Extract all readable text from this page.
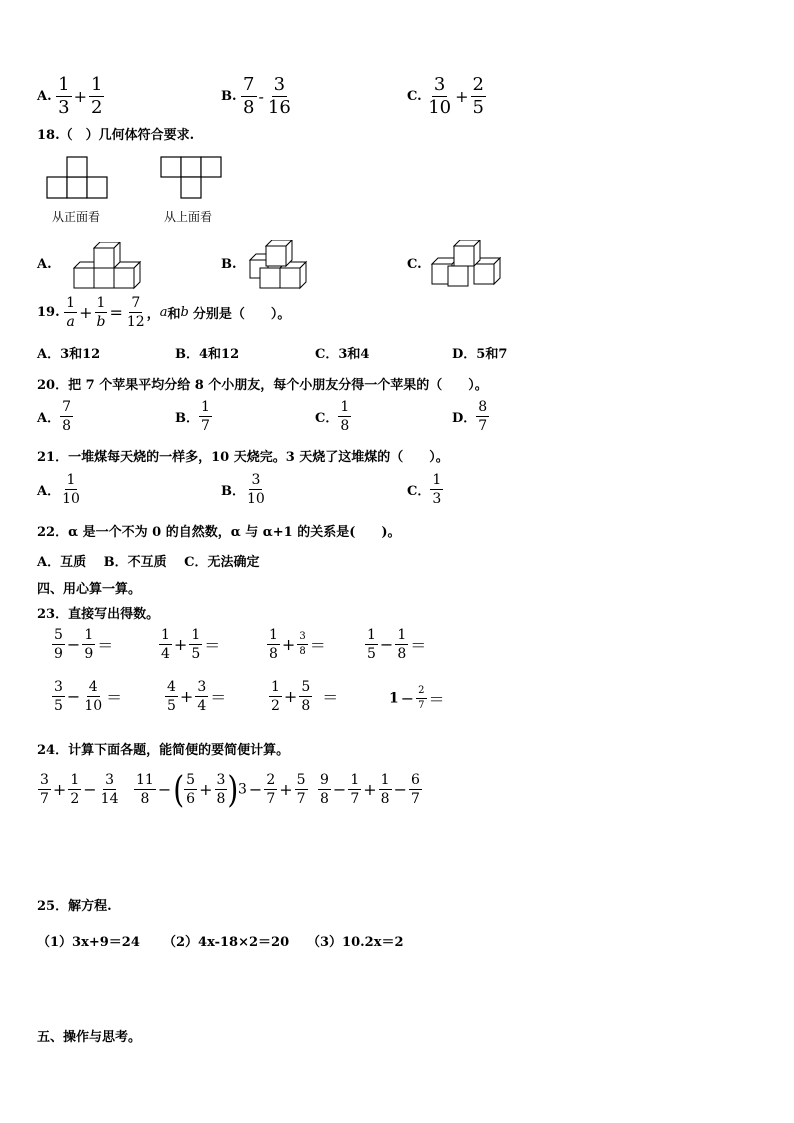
A. $\frac{1}{3} + \frac{1}{2}$	B. $\frac{7}{8} - \frac{3}{16}$	C. $\frac{3}{10} + \frac{2}{5}$
18.（　）几何体符合要求.
从正面看	从上面看
A.	B.	C.
19. $\frac{1}{a} + \frac{1}{b} = \frac{7}{12}$ ，a和b 分别是（　　）。
A．3和12	B．4和12	C．3和4	D．5和7
20．把 7 个苹果平均分给 8 个小朋友，每个小朋友分得一个苹果的（　　）。
A． $\frac{7}{8}$	B． $\frac{1}{7}$	C． $\frac{1}{8}$	D． $\frac{8}{7}$
21．一堆煤每天烧的一样多，10 天烧完。3 天烧了这堆煤的（　　）。
A． $\frac{1}{10}$	B． $\frac{3}{10}$	C． $\frac{1}{3}$
22．α 是一个不为 0 的自然数，α 与 α+1 的关系是(　　)。
A．互质　 B．不互质　 C．无法确定
四、用心算一算。
23．直接写出得数。
$\frac{5}{9} - \frac{1}{9}$ ＝	$\frac{1}{4} + \frac{1}{5}$ ＝	$\frac{1}{8} + \frac{3}{8}$ ＝	$\frac{1}{5} - \frac{1}{8}$ ＝
$\frac{3}{5} - \frac{4}{10}$ ＝	$\frac{4}{5} + \frac{3}{4}$ ＝	$\frac{1}{2} + \frac{5}{8}$ ＝	$1 - \frac{2}{7}$ ＝
24．计算下面各题，能简便的要简便计算。
$\frac{3}{7} + \frac{1}{2} - \frac{3}{14} \frac{11}{8}$ −( $\frac{5}{6} + \frac{3}{8}$ ) $3 - \frac{2}{7} + \frac{5}{7} \frac{9}{8} - \frac{1}{7} + \frac{1}{8} - \frac{6}{7}$
25．解方程.
（1）3x+9＝24 （2）4x-18×2＝20 （3）10.2x＝2
五、操作与思考。
